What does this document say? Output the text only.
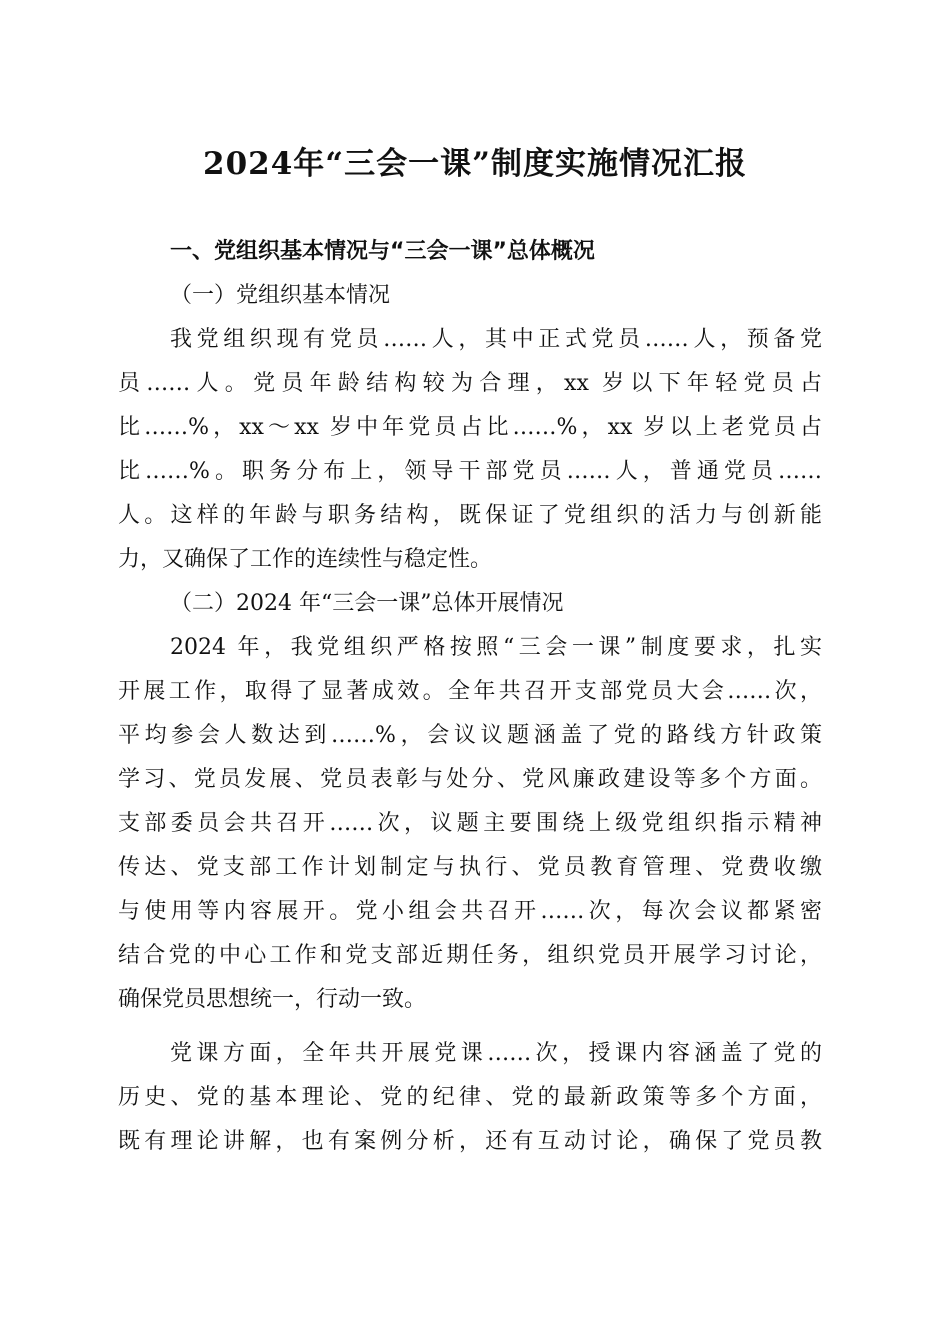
2024年“三会一课”制度实施情况汇报
一、党组织基本情况与“三会一课”总体概况
（一）党组织基本情况
我党组织现有党员……人，其中正式党员……人，预备党
员……人。党员年龄结构较为合理，xx 岁以下年轻党员占
比……%，xx～xx 岁中年党员占比……%，xx 岁以上老党员占
比……%。职务分布上，领导干部党员……人，普通党员……
人。这样的年龄与职务结构，既保证了党组织的活力与创新能
力，又确保了工作的连续性与稳定性。
（二）2024 年“三会一课”总体开展情况
2024 年，我党组织严格按照“三会一课”制度要求，扎实
开展工作，取得了显著成效。全年共召开支部党员大会……次，
平均参会人数达到……%，会议议题涵盖了党的路线方针政策
学习、党员发展、党员表彰与处分、党风廉政建设等多个方面。
支部委员会共召开……次，议题主要围绕上级党组织指示精神
传达、党支部工作计划制定与执行、党员教育管理、党费收缴
与使用等内容展开。党小组会共召开……次，每次会议都紧密
结合党的中心工作和党支部近期任务，组织党员开展学习讨论，
确保党员思想统一，行动一致。
党课方面，全年共开展党课……次，授课内容涵盖了党的
历史、党的基本理论、党的纪律、党的最新政策等多个方面，
既有理论讲解，也有案例分析，还有互动讨论，确保了党员教
